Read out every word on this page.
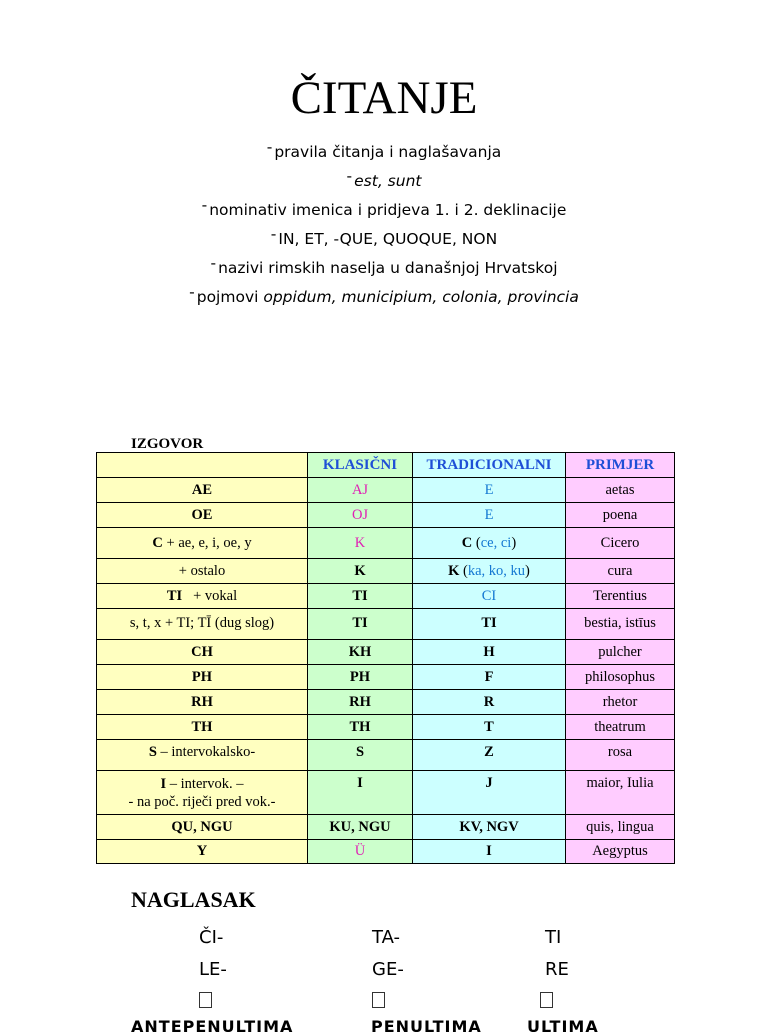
ČITANJE
- pravila čitanja i naglašavanja
- est, sunt
- nominativ imenica i pridjeva 1. i 2. deklinacije
- IN, ET, -QUE, QUOQUE, NON
- nazivi rimskih naselja u današnjoj Hrvatskoj
- pojmovi oppidum, municipium, colonia, provincia
IZGOVOR
	KLASIČNI	TRADICIONALNI	PRIMJER
AE	AJ	E	aetas
OE	OJ	E	poena
C + ae, e, i, oe, y	K	C (ce, ci)	Cicero
+ ostalo	K	K (ka, ko, ku)	cura
TI   + vokal	TI	CI	Terentius
s, t, x + TI; TĪ (dug slog)	TI	TI	bestia, istīus
CH	KH	H	pulcher
PH	PH	F	philosophus
RH	RH	R	rhetor
TH	TH	T	theatrum
S – intervokalsko-	S	Z	rosa
I – intervok. –
- na poč. riječi pred vok.-	I	J	maior, Iulia
QU, NGU	KU, NGU	KV, NGV	quis, lingua
Y	Ü	I	Aegyptus
NAGLASAK
ČI-	TA-	TI
LE-	GE-	RE
ANTEPENULTIMA	PENULTIMA	ULTIMA
